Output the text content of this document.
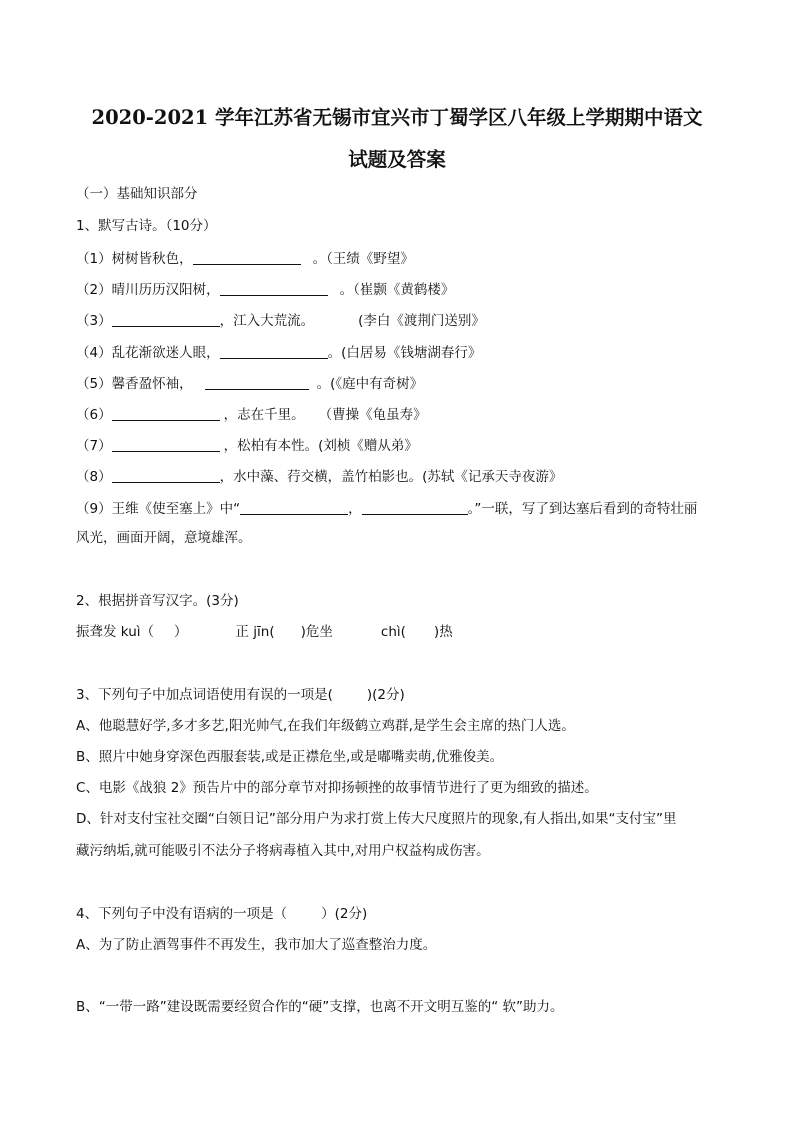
2020-2021 学年江苏省无锡市宜兴市丁蜀学区八年级上学期期中语文
试题及答案
（一）基础知识部分
1、默写古诗。（10分）
（1）树树皆秋色，	。（王绩《野望》
（2）晴川历历汉阳树，	。（崔颢《黄鹤楼》
（3）	，江入大荒流。	(李白《渡荆门送别》
（4）乱花渐欲迷人眼，	。(白居易《钱塘湖春行》
（5）馨香盈怀袖，	。(《庭中有奇树》
（6）	，志在千里。 （曹操《龟虽寿》
（7）	，松柏有本性。(刘桢《赠从弟》
（8）	，水中藻、荇交横，盖竹柏影也。(苏轼《记承天寺夜游》
（9）王维《使至塞上》中“	，	。”一联，写了到达塞后看到的奇特壮丽
风光，画面开阔，意境雄浑。
2、根据拼音写汉字。(3分)
振聋发 kuì（ ）	正 jīn( )危坐	chì( )热
3、下列句子中加点词语使用有误的一项是(	)(2分)
A、他聪慧好学,多才多艺,阳光帅气,在我们年级鹤立鸡群,是学生会主席的热门人选。
B、照片中她身穿深色西服套装,或是正襟危坐,或是嘟嘴卖萌,优雅俊美。
C、电影《战狼 2》预告片中的部分章节对抑扬顿挫的故事情节进行了更为细致的描述。
D、针对支付宝社交圈“白领日记”部分用户为求打赏上传大尺度照片的现象,有人指出,如果“支付宝”里
藏污纳垢,就可能吸引不法分子将病毒植入其中,对用户权益构成伤害。
4、下列句子中没有语病的一项是（	）(2分)
A、为了防止酒驾事件不再发生，我市加大了巡查整治力度。
B、“一带一路”建设既需要经贸合作的“硬”支撑，也离不开文明互鉴的“ 软”助力。
